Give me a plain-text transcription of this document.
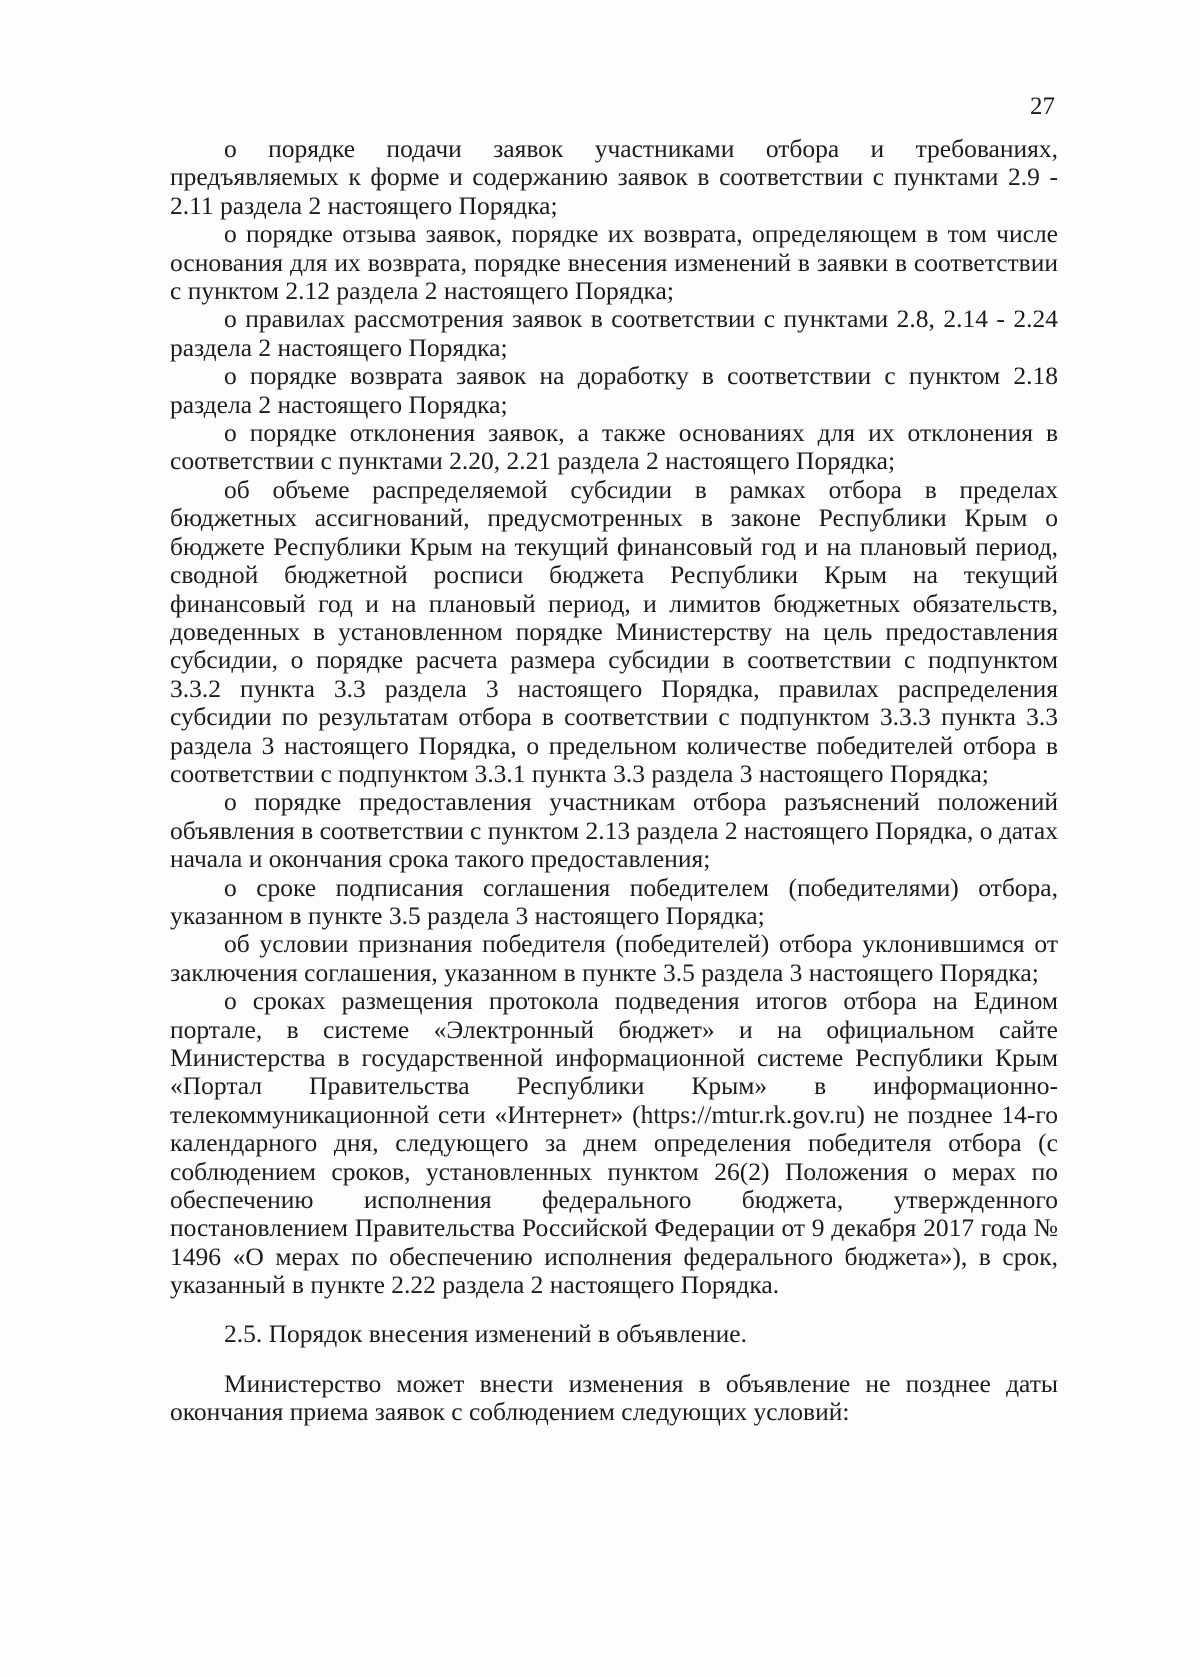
27

о порядке подачи заявок участниками отбора и требованиях, предъявляемых к форме и содержанию заявок в соответствии с пунктами 2.9 - 2.11 раздела 2 настоящего Порядка;

о порядке отзыва заявок, порядке их возврата, определяющем в том числе основания для их возврата, порядке внесения изменений в заявки в соответствии с пунктом 2.12 раздела 2 настоящего Порядка;

о правилах рассмотрения заявок в соответствии с пунктами 2.8, 2.14 - 2.24 раздела 2 настоящего Порядка;

о порядке возврата заявок на доработку в соответствии с пунктом 2.18 раздела 2 настоящего Порядка;

о порядке отклонения заявок, а также основаниях для их отклонения в соответствии с пунктами 2.20, 2.21 раздела 2 настоящего Порядка;

об объеме распределяемой субсидии в рамках отбора в пределах бюджетных ассигнований, предусмотренных в законе Республики Крым о бюджете Республики Крым на текущий финансовый год и на плановый период, сводной бюджетной росписи бюджета Республики Крым на текущий финансовый год и на плановый период, и лимитов бюджетных обязательств, доведенных в установленном порядке Министерству на цель предоставления субсидии, о порядке расчета размера субсидии в соответствии с подпунктом 3.3.2 пункта 3.3 раздела 3 настоящего Порядка, правилах распределения субсидии по результатам отбора в соответствии с подпунктом 3.3.3 пункта 3.3 раздела 3 настоящего Порядка, о предельном количестве победителей отбора в соответствии с подпунктом 3.3.1 пункта 3.3 раздела 3 настоящего Порядка;

о порядке предоставления участникам отбора разъяснений положений объявления в соответствии с пунктом 2.13 раздела 2 настоящего Порядка, о датах начала и окончания срока такого предоставления;

о сроке подписания соглашения победителем (победителями) отбора, указанном в пункте 3.5 раздела 3 настоящего Порядка;

об условии признания победителя (победителей) отбора уклонившимся от заключения соглашения, указанном в пункте 3.5 раздела 3 настоящего Порядка;

о сроках размещения протокола подведения итогов отбора на Едином портале, в системе «Электронный бюджет» и на официальном сайте Министерства в государственной информационной системе Республики Крым «Портал Правительства Республики Крым» в информационно-телекоммуникационной сети «Интернет» (https://mtur.rk.gov.ru) не позднее 14-го календарного дня, следующего за днем определения победителя отбора (с соблюдением сроков, установленных пунктом 26(2) Положения о мерах по обеспечению исполнения федерального бюджета, утвержденного постановлением Правительства Российской Федерации от 9 декабря 2017 года № 1496 «О мерах по обеспечению исполнения федерального бюджета»), в срок, указанный в пункте 2.22 раздела 2 настоящего Порядка.

2.5. Порядок внесения изменений в объявление.

Министерство может внести изменения в объявление не позднее даты окончания приема заявок с соблюдением следующих условий:
